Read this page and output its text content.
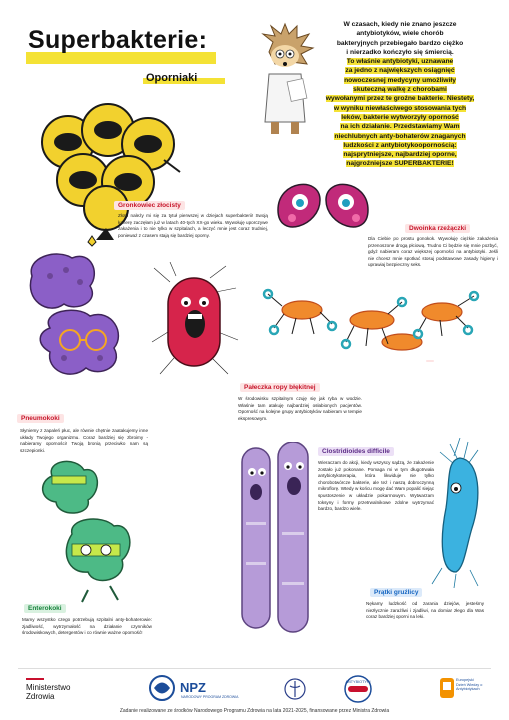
Superbakterie:
Oporniaki
W czasach, kiedy nie znano jeszcze
antybiotyków, wiele chorób
bakteryjnych przebiegało bardzo ciężko
i nierzadko kończyło się śmiercią.
To właśnie antybiotyki, uznawane
za jedno z największych osiągnięć
nowoczesnej medycyny umożliwiły
skuteczną walkę z chorobami
wywołanymi przez te groźne bakterie. Niestety,
w wyniku niewłaściwego stosowania tych
leków, bakterie wytworzyły oporność
na ich działanie. Przedstawiamy Wam
niechlubnych anty-bohaterów znaganych
ludzkości z antybiotykoopornością:
najsprytniejsze, najbardziej oporne,
najgroźniejsze SUPERBAKTERIE!
Gronkowiec złocisty
Złoto należy mi się za tytuł pierwszej w dziejach superbakterii! Swoją karierę zaczęłam już w latach 40-tych XX-go wieku. Wywołuję uporczywe zakażenia i to nie tylko w szpitalach, a leczyć mnie jest coraz trudniej, ponieważ z czasem stają się bardziej oporny.
Dwoinka rzeżączki
Dla Ciebie po prostu gonokok. Wywołuję ciężkie zakażenia przenoszone drogą płciową. Trudno Ci będzie się mnie pozbyć, gdyż nabieram coraz większej oporności na antybiotyki. Jeśli nie chcesz mnie spotkać stosuj podstawowe zasady higieny i uprawiaj bezpieczny seks.
Pneumokoki
Słyniemy z zapaleń płuc, ale równie chętnie zaatakujemy inne układy Twojego organizmu. Coraz bardziej się zbroimy - nabieramy oporności! Twoją bronią przeciwko nam są szczepionki.
Pałeczka ropy błękitnej
W środowisku szpitalnym czuję się jak ryba w wodzie. Właśnie tam atakuję najbardziej osłabionych pacjentów. Oporność na kolejne grupy antybiotyków nabieram w tempie ekspresowym.
Enterokoki
Mamy wszystko czego potrzebują szpitalni anty-bohaterowie: zjadliwość, wytrzymałość na działanie czynników środowiskowych, detergentów i co równie ważne oporność!
Clostridioides difficile
Wieraczam do akcji, kiedy wszyscy sądzą, że zakażenie zostało już pokonane. Pomaga mi w tym długotrwała antybiotykoterapia, która likwiduje nie tylko chorobotwórcze bakterie, ale też i naszą dobroczynną mikroflorę. Wtedy w końcu mogę dać Wam popalić siejąc spustoszenie w układzie pokarmowym. Wytwarzam toksyny i formy przetrwalnikowe zdolne wytrzymać bardzo, bardzo wiele.
Prątki gruźlicy
Nękamy ludzkość od zarania dziejów, jesteśmy niezłycznie zarażliwi i zjadliwi, na domiar złego dla Was coraz bardziej oporni na leki.
Ministerstwo
Zdrowia
NPZ
NARODOWY PROGRAM ZDROWIA
ANTYBIOTYKI	Europejski
Dzień Wiedzy o
Antybiotykach
Zadanie realizowane ze środków Narodowego Programu Zdrowia na lata 2021-2025, finansowane przez Ministra Zdrowia
